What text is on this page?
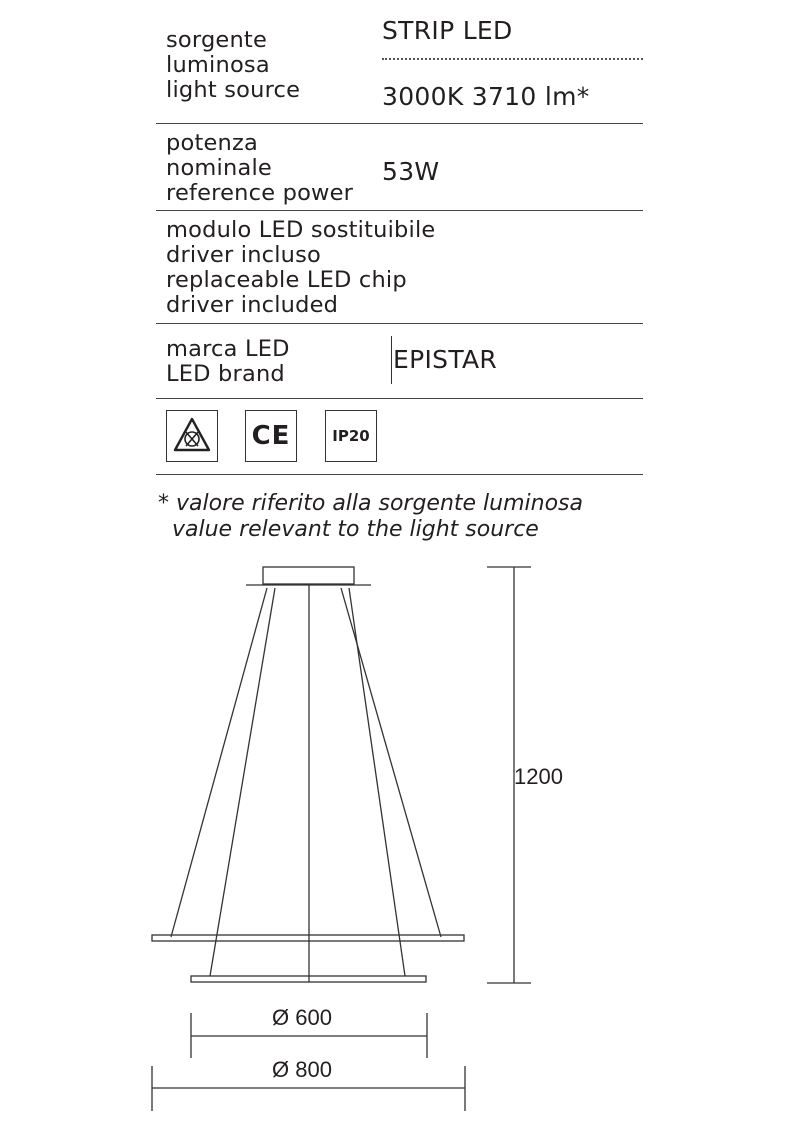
sorgente
luminosa
light source
STRIP LED
3000K 3710 lm*
potenza
nominale
reference power
53W
modulo LED sostituibile
driver incluso
replaceable LED chip
driver included
marca LED
LED brand	EPISTAR
CE	IP20
* valore riferito alla sorgente luminosa
value relevant to the light source
1200
Ø 600
Ø 800
